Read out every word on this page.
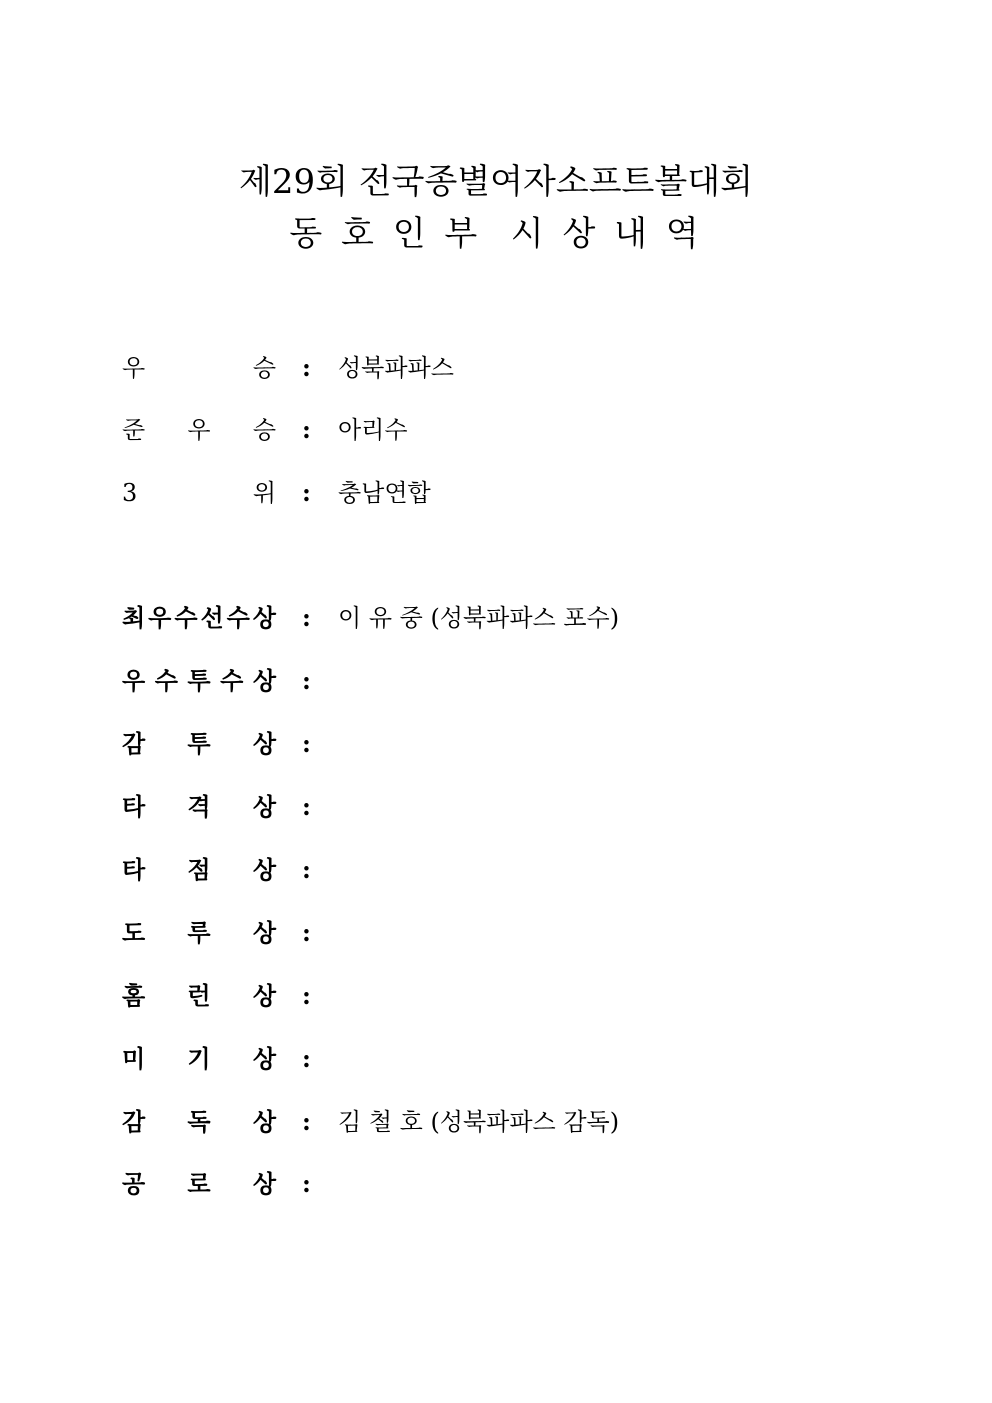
제29회 전국종별여자소프트볼대회
동 호 인 부  시 상 내 역
우	승 : 성북파파스
준 우 승 : 아리수
3	위 : 충남연합
최 우 수 선 수 상 : 이 유 중 (성북파파스 포수)
우 수 투 수 상 :
감 투 상 :
타 격 상 :
타 점 상 :
도 루 상 :
홈 런 상 :
미 기 상 :
감 독 상 : 김 철 호 (성북파파스 감독)
공 로 상 :
